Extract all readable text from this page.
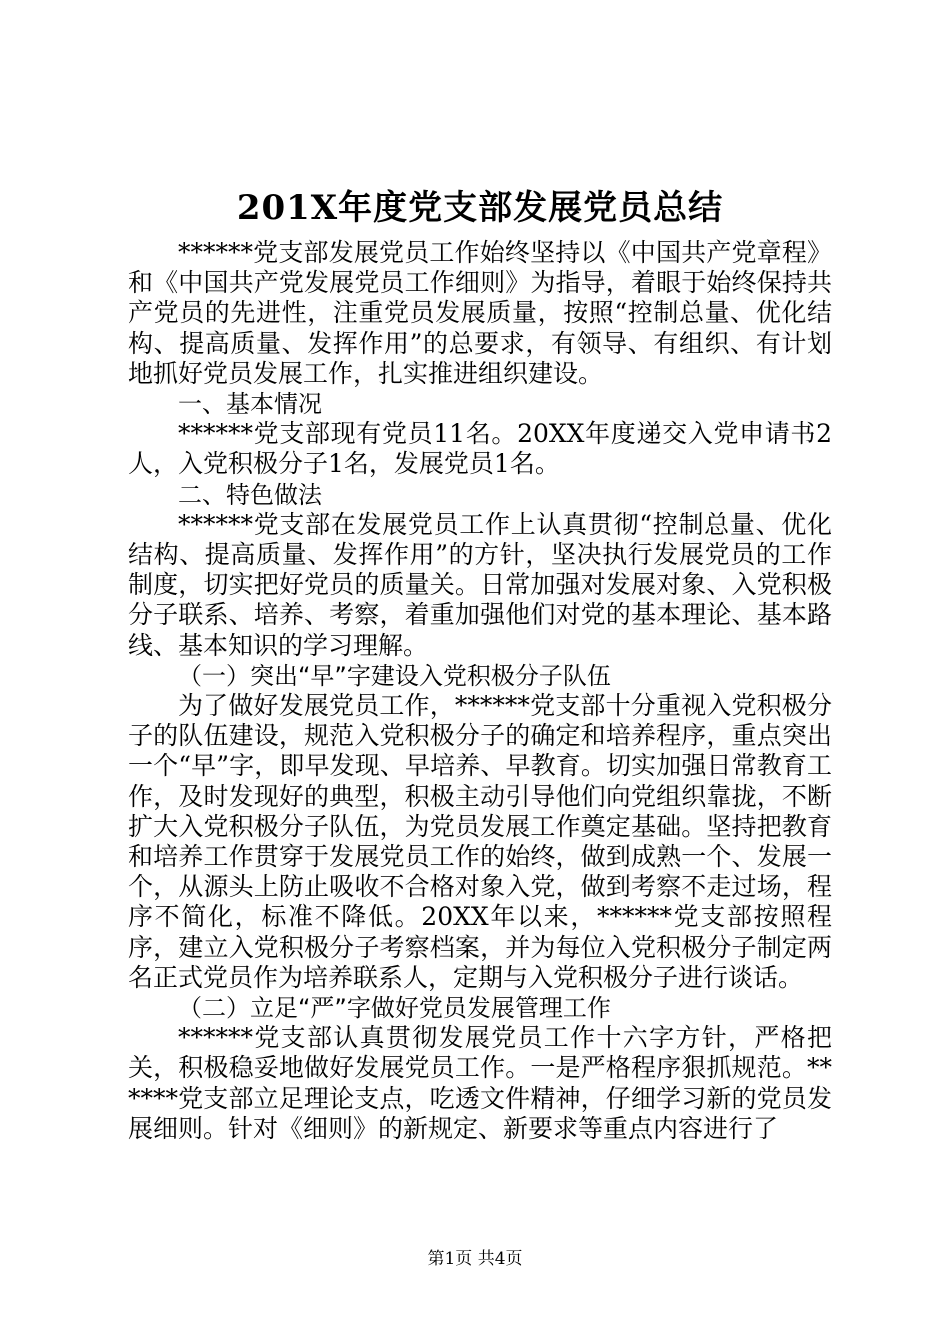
201X年度党支部发展党员总结

******党支部发展党员工作始终坚持以《中国共产党章程》和《中国共产党发展党员工作细则》为指导，着眼于始终保持共产党员的先进性，注重党员发展质量，按照“控制总量、优化结构、提高质量、发挥作用”的总要求，有领导、有组织、有计划地抓好党员发展工作，扎实推进组织建设。

一、基本情况

******党支部现有党员11名。20XX年度递交入党申请书2人，入党积极分子1名，发展党员1名。

二、特色做法

******党支部在发展党员工作上认真贯彻“控制总量、优化结构、提高质量、发挥作用”的方针，坚决执行发展党员的工作制度，切实把好党员的质量关。日常加强对发展对象、入党积极分子联系、培养、考察，着重加强他们对党的基本理论、基本路线、基本知识的学习理解。

（一）突出“早”字建设入党积极分子队伍

为了做好发展党员工作，******党支部十分重视入党积极分子的队伍建设，规范入党积极分子的确定和培养程序，重点突出一个“早”字，即早发现、早培养、早教育。切实加强日常教育工作，及时发现好的典型，积极主动引导他们向党组织靠拢，不断扩大入党积极分子队伍，为党员发展工作奠定基础。坚持把教育和培养工作贯穿于发展党员工作的始终，做到成熟一个、发展一个，从源头上防止吸收不合格对象入党，做到考察不走过场，程序不简化，标准不降低。20XX年以来，******党支部按照程序，建立入党积极分子考察档案，并为每位入党积极分子制定两名正式党员作为培养联系人，定期与入党积极分子进行谈话。

（二）立足“严”字做好党员发展管理工作

******党支部认真贯彻发展党员工作十六字方针，严格把关，积极稳妥地做好发展党员工作。一是严格程序狠抓规范。******党支部立足理论支点，吃透文件精神，仔细学习新的党员发展细则。针对《细则》的新规定、新要求等重点内容进行了

第1页 共4页
